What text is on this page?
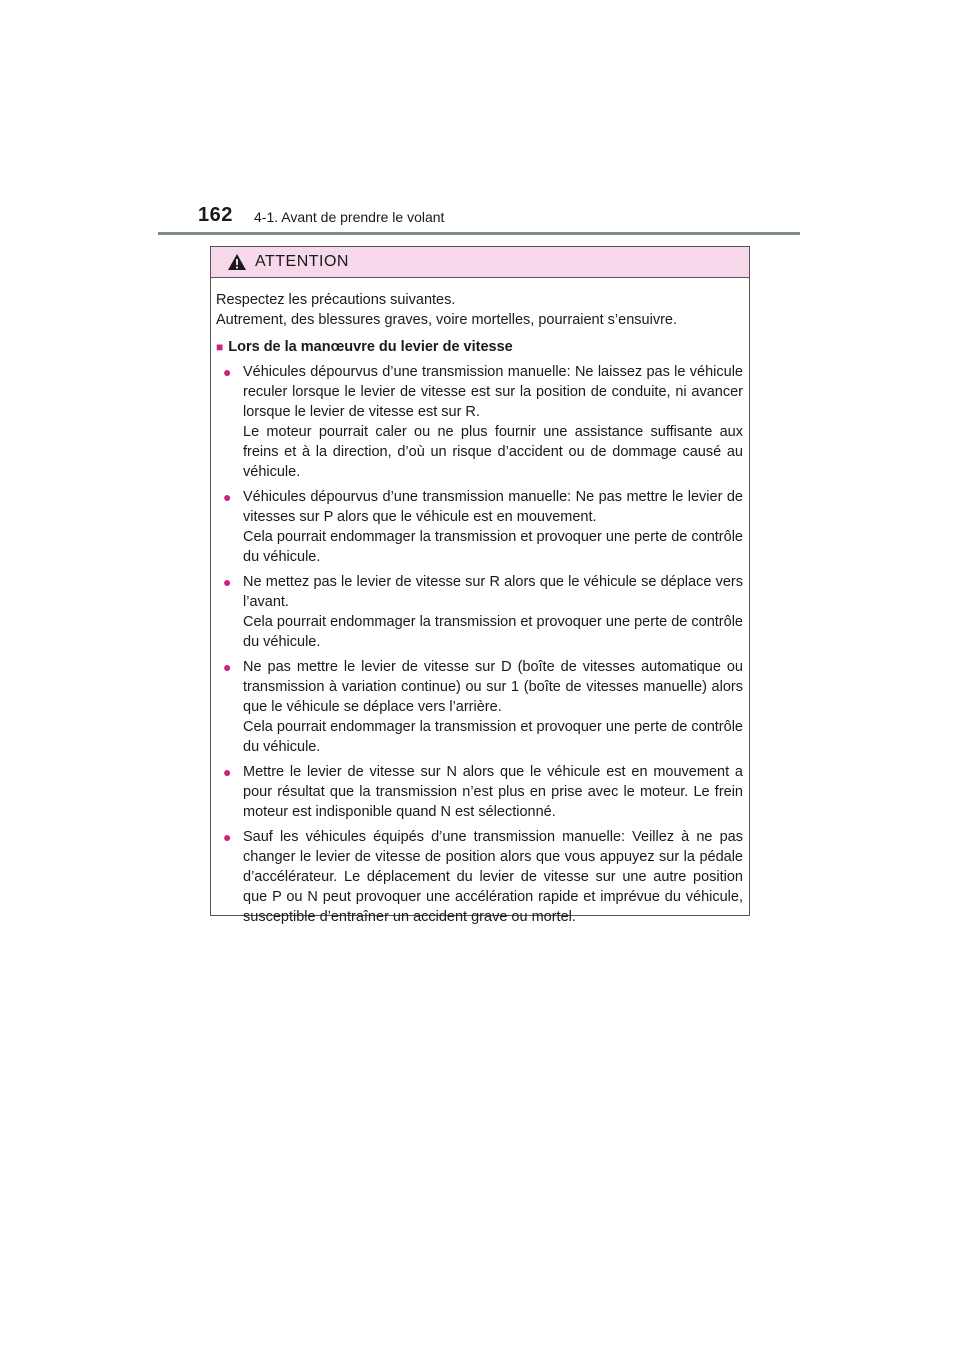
162 4-1. Avant de prendre le volant
ATTENTION

Respectez les précautions suivantes.

Autrement, des blessures graves, voire mortelles, pourraient s’ensuivre.

■ Lors de la manœuvre du levier de vitesse
● Véhicules dépourvus d’une transmission manuelle: Ne laissez pas le véhicule reculer lorsque le levier de vitesse est sur la position de conduite, ni avancer lorsque le levier de vitesse est sur R.
Le moteur pourrait caler ou ne plus fournir une assistance suffisante aux freins et à la direction, d’où un risque d’accident ou de dommage causé au véhicule.
● Véhicules dépourvus d’une transmission manuelle: Ne pas mettre le levier de vitesses sur P alors que le véhicule est en mouvement.
Cela pourrait endommager la transmission et provoquer une perte de contrôle du véhicule.
● Ne mettez pas le levier de vitesse sur R alors que le véhicule se déplace vers l’avant.
Cela pourrait endommager la transmission et provoquer une perte de contrôle du véhicule.
● Ne pas mettre le levier de vitesse sur D (boîte de vitesses automatique ou transmission à variation continue) ou sur 1 (boîte de vitesses manuelle) alors que le véhicule se déplace vers l’arrière.
Cela pourrait endommager la transmission et provoquer une perte de contrôle du véhicule.
● Mettre le levier de vitesse sur N alors que le véhicule est en mouvement a pour résultat que la transmission n’est plus en prise avec le moteur. Le frein moteur est indisponible quand N est sélectionné.
● Sauf les véhicules équipés d’une transmission manuelle: Veillez à ne pas changer le levier de vitesse de position alors que vous appuyez sur la pédale d’accélérateur. Le déplacement du levier de vitesse sur une autre position que P ou N peut provoquer une accélération rapide et imprévue du véhicule, susceptible d’entraîner un accident grave ou mortel.
